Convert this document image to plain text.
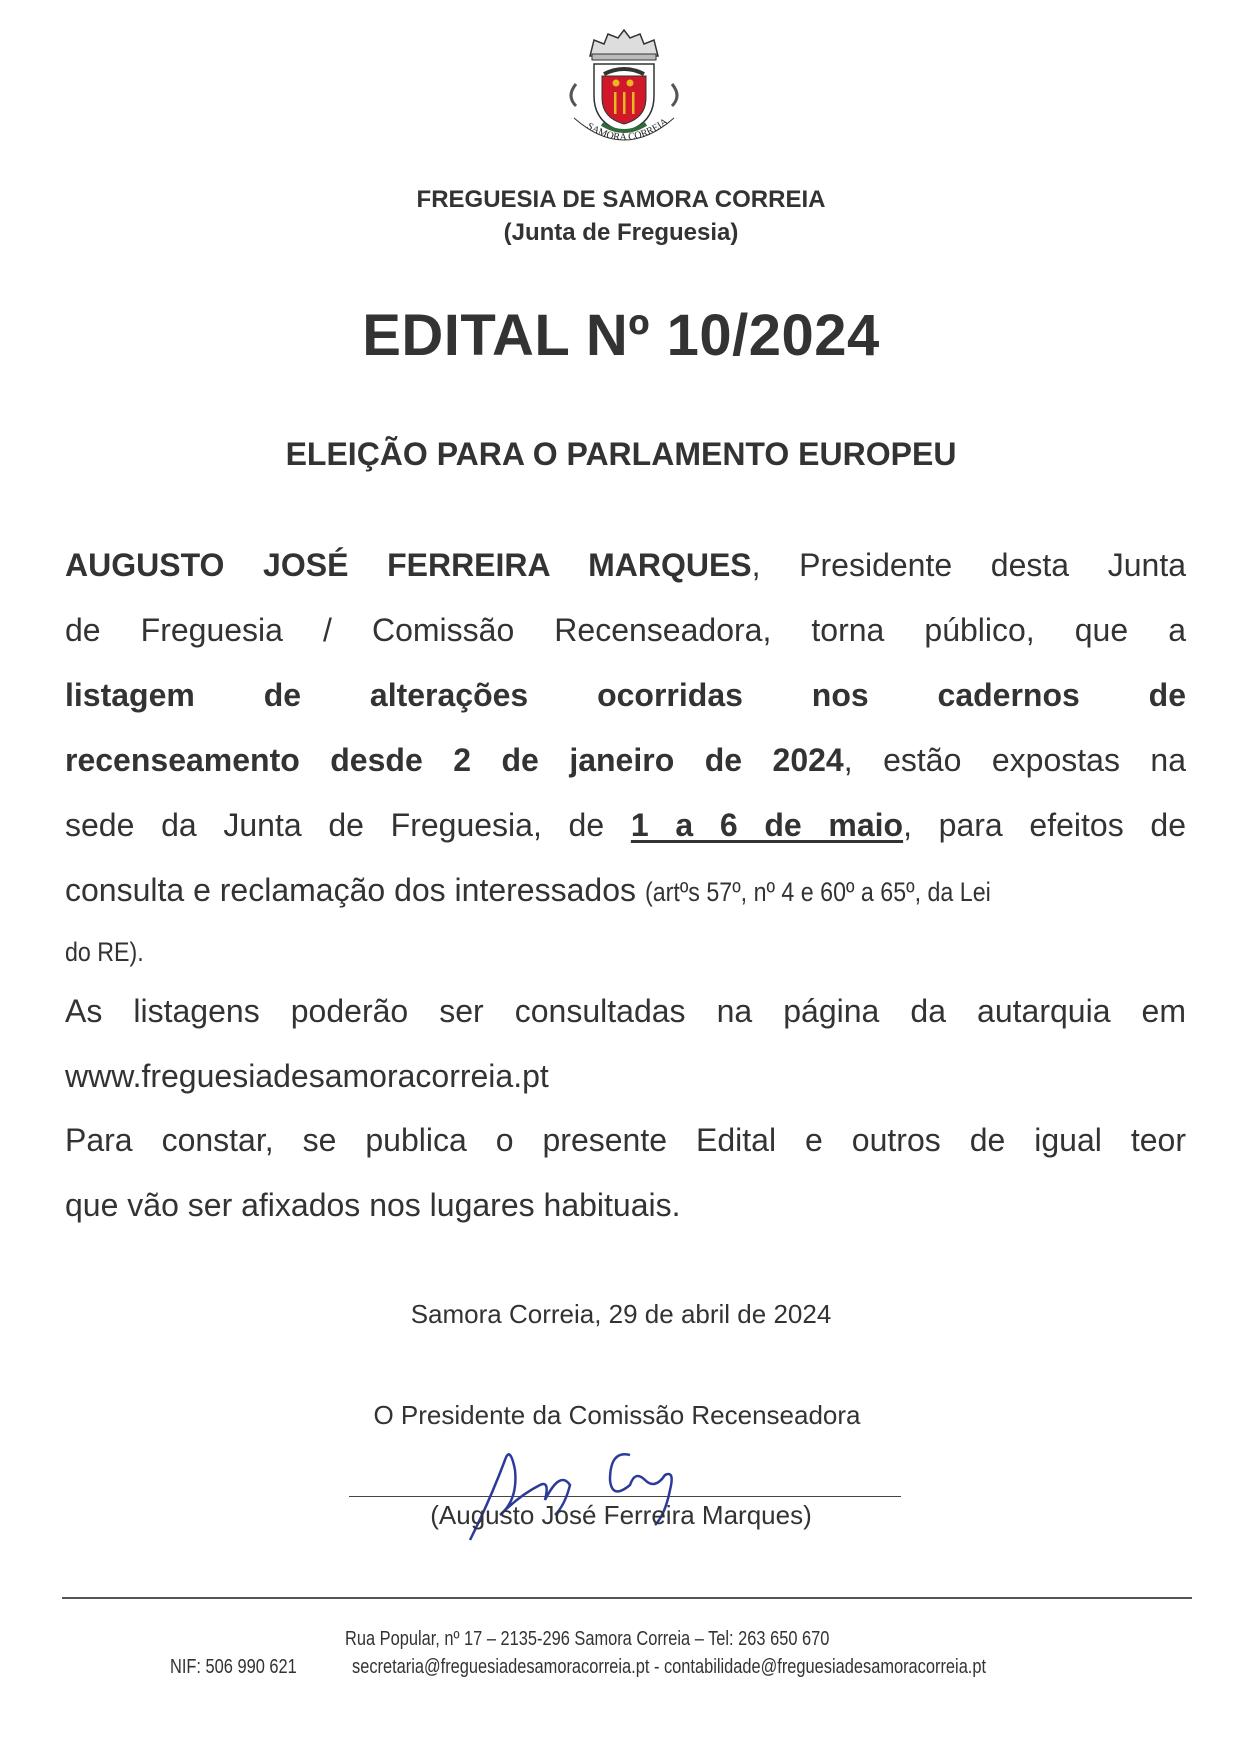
SAMORA CORREIA
FREGUESIA DE SAMORA CORREIA
(Junta de Freguesia)
EDITAL Nº 10/2024
ELEIÇÃO PARA O PARLAMENTO EUROPEU
AUGUSTO JOSÉ FERREIRA MARQUES, Presidente desta Junta
de Freguesia / Comissão Recenseadora, torna público, que a
listagem de alterações ocorridas nos cadernos de
recenseamento desde 2 de janeiro de 2024, estão expostas na
sede da Junta de Freguesia, de 1 a 6 de maio, para efeitos de
consulta e reclamação dos interessados (artºs 57º, nº 4 e 60º a 65º, da Lei
do RE).
As listagens poderão ser consultadas na página da autarquia em
www.freguesiadesamoracorreia.pt
Para constar, se publica o presente Edital e outros de igual teor
que vão ser afixados nos lugares habituais.
Samora Correia, 29 de abril de 2024
O Presidente da Comissão Recenseadora
(Augusto José Ferreira Marques)
Rua Popular, nº 17 – 2135-296 Samora Correia – Tel: 263 650 670
NIF: 506 990 621	secretaria@freguesiadesamoracorreia.pt - contabilidade@freguesiadesamoracorreia.pt
